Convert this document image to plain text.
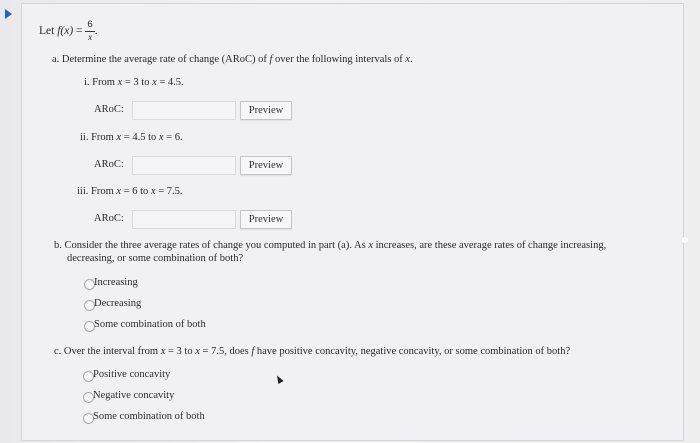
Let $f(x) = \frac{6}{x}$ .
a. Determine the average rate of change (ARoC) of f over the following intervals of x.
i. From x = 3 to x = 4.5.
ARoC:	Preview
ii. From x = 4.5 to x = 6.
ARoC:	Preview
iii. From x = 6 to x = 7.5.
ARoC:	Preview
b. Consider the three average rates of change you computed in part (a). As x increases, are these average rates of change increasing,
decreasing, or some combination of both?
Increasing
Decreasing
Some combination of both
c. Over the interval from x = 3 to x = 7.5, does f have positive concavity, negative concavity, or some combination of both?
Positive concavity
Negative concavity
Some combination of both
